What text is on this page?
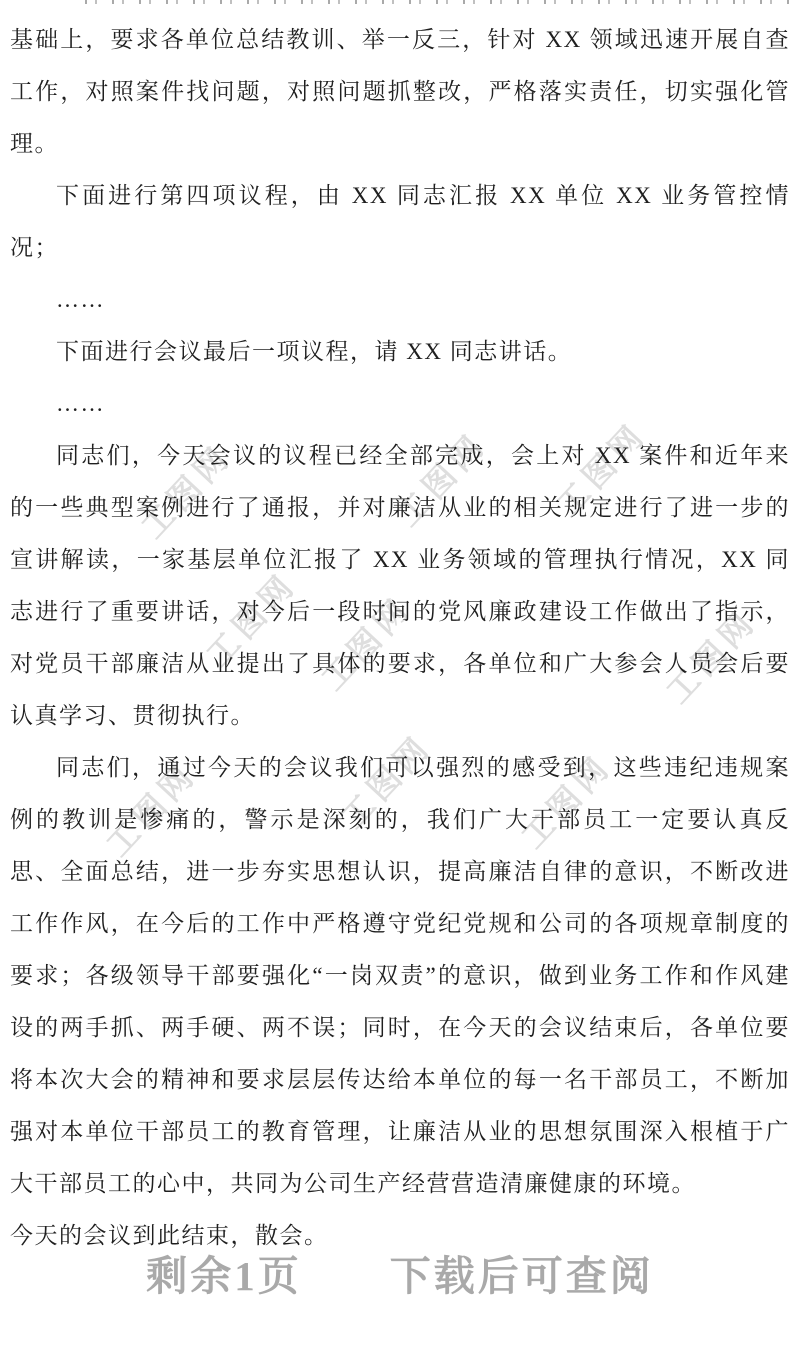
工图网	工图网 工图网
工图网 工图网	工图网
工图网	工图网 工图网

基础上，要求各单位总结教训、举一反三，针对 XX 领域迅速开展自查工作，对照案件找问题，对照问题抓整改，严格落实责任，切实强化管理。

下面进行第四项议程，由 XX 同志汇报 XX 单位 XX 业务管控情况；

……

下面进行会议最后一项议程，请 XX 同志讲话。

……

同志们，今天会议的议程已经全部完成，会上对 XX 案件和近年来的一些典型案例进行了通报，并对廉洁从业的相关规定进行了进一步的宣讲解读，一家基层单位汇报了 XX 业务领域的管理执行情况，XX 同志进行了重要讲话，对今后一段时间的党风廉政建设工作做出了指示，对党员干部廉洁从业提出了具体的要求，各单位和广大参会人员会后要认真学习、贯彻执行。

同志们，通过今天的会议我们可以强烈的感受到，这些违纪违规案例的教训是惨痛的，警示是深刻的，我们广大干部员工一定要认真反思、全面总结，进一步夯实思想认识，提高廉洁自律的意识，不断改进工作作风，在今后的工作中严格遵守党纪党规和公司的各项规章制度的要求；各级领导干部要强化“一岗双责”的意识，做到业务工作和作风建设的两手抓、两手硬、两不误；同时，在今天的会议结束后，各单位要将本次大会的精神和要求层层传达给本单位的每一名干部员工，不断加强对本单位干部员工的教育管理，让廉洁从业的思想氛围深入根植于广大干部员工的心中，共同为公司生产经营营造清廉健康的环境。

今天的会议到此结束，散会。

剩余1页　　下载后可查阅
